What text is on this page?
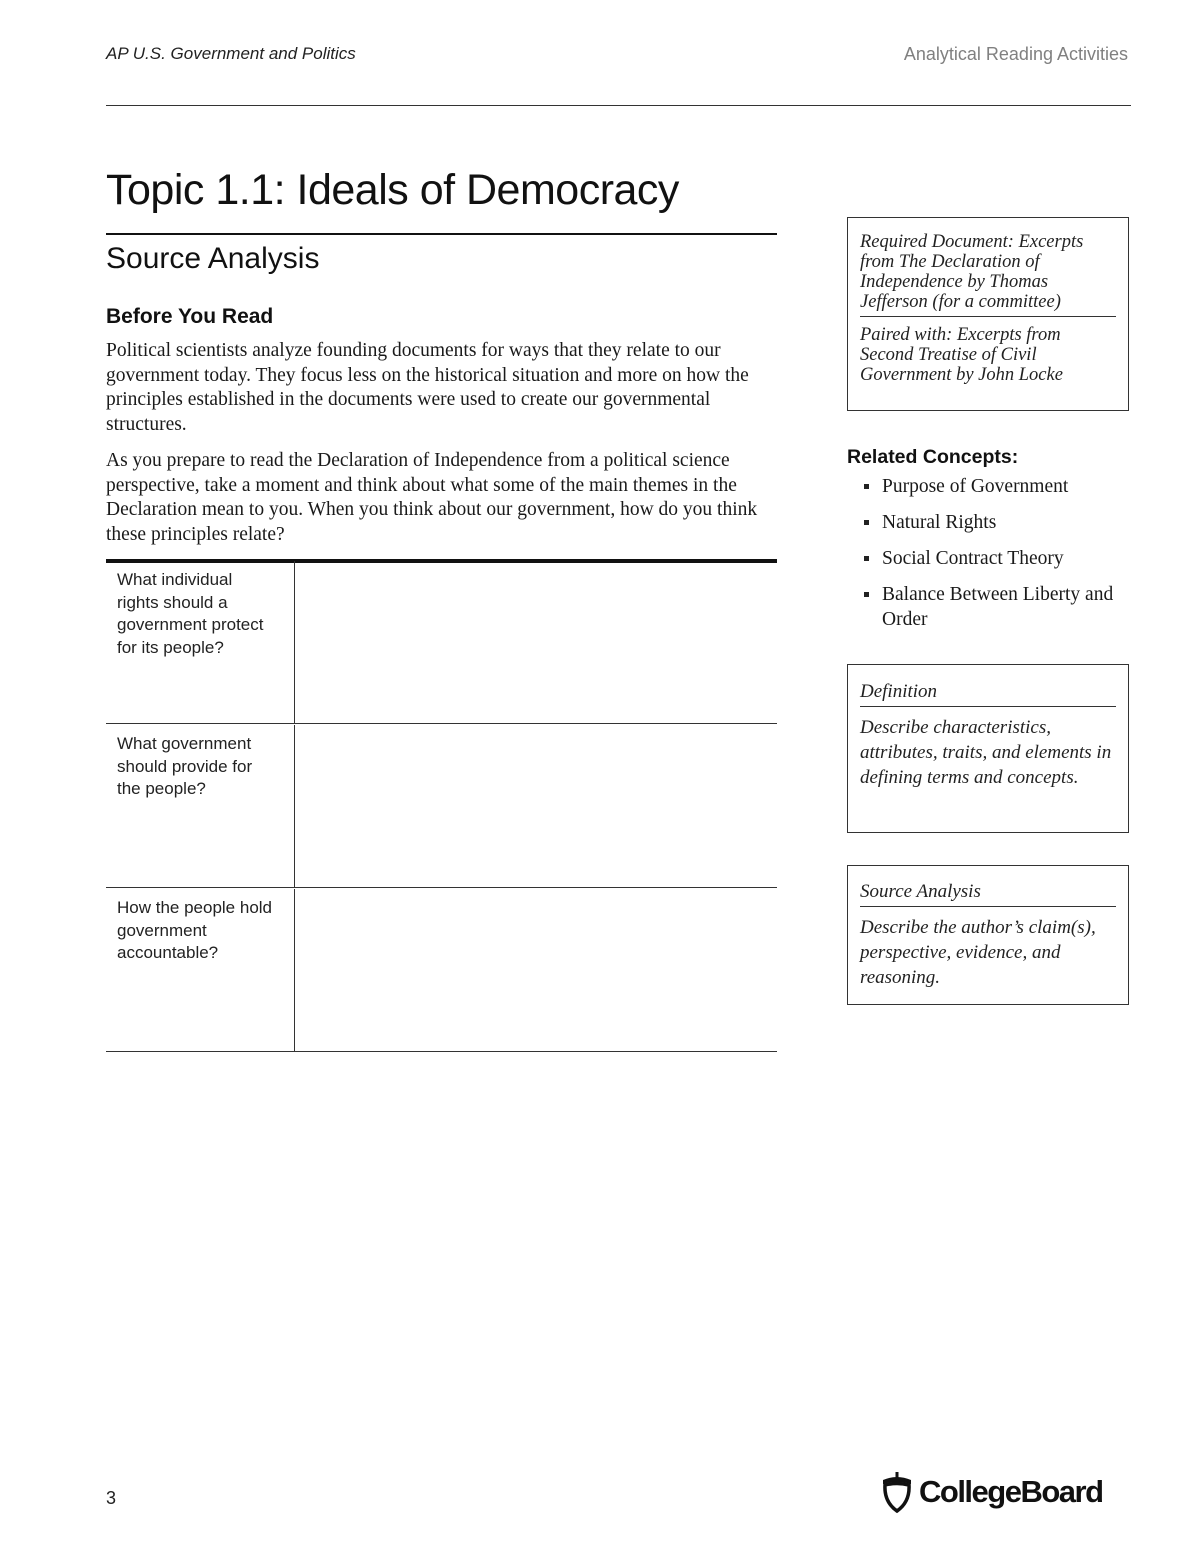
AP U.S. Government and Politics	Analytical Reading Activities
Topic 1.1: Ideals of Democracy
Source Analysis
Before You Read

Political scientists analyze founding documents for ways that they relate to our government today. They focus less on the historical situation and more on how the principles established in the documents were used to create our governmental structures.

As you prepare to read the Declaration of Independence from a political science perspective, take a moment and think about what some of the main themes in the Declaration mean to you. When you think about our government, how do you think these principles relate?

What individual rights should a government protect for its people?
What government should provide for the people?
How the people hold government accountable?

Required Document: Excerpts from The Declaration of Independence by Thomas Jefferson (for a committee)

Paired with: Excerpts from Second Treatise of Civil Government by John Locke

Related Concepts:
Purpose of Government
Natural Rights
Social Contract Theory
Balance Between Liberty and Order

Definition

Describe characteristics, attributes, traits, and elements in defining terms and concepts.

Source Analysis

Describe the author’s claim(s), perspective, evidence, and reasoning.

3	CollegeBoard
